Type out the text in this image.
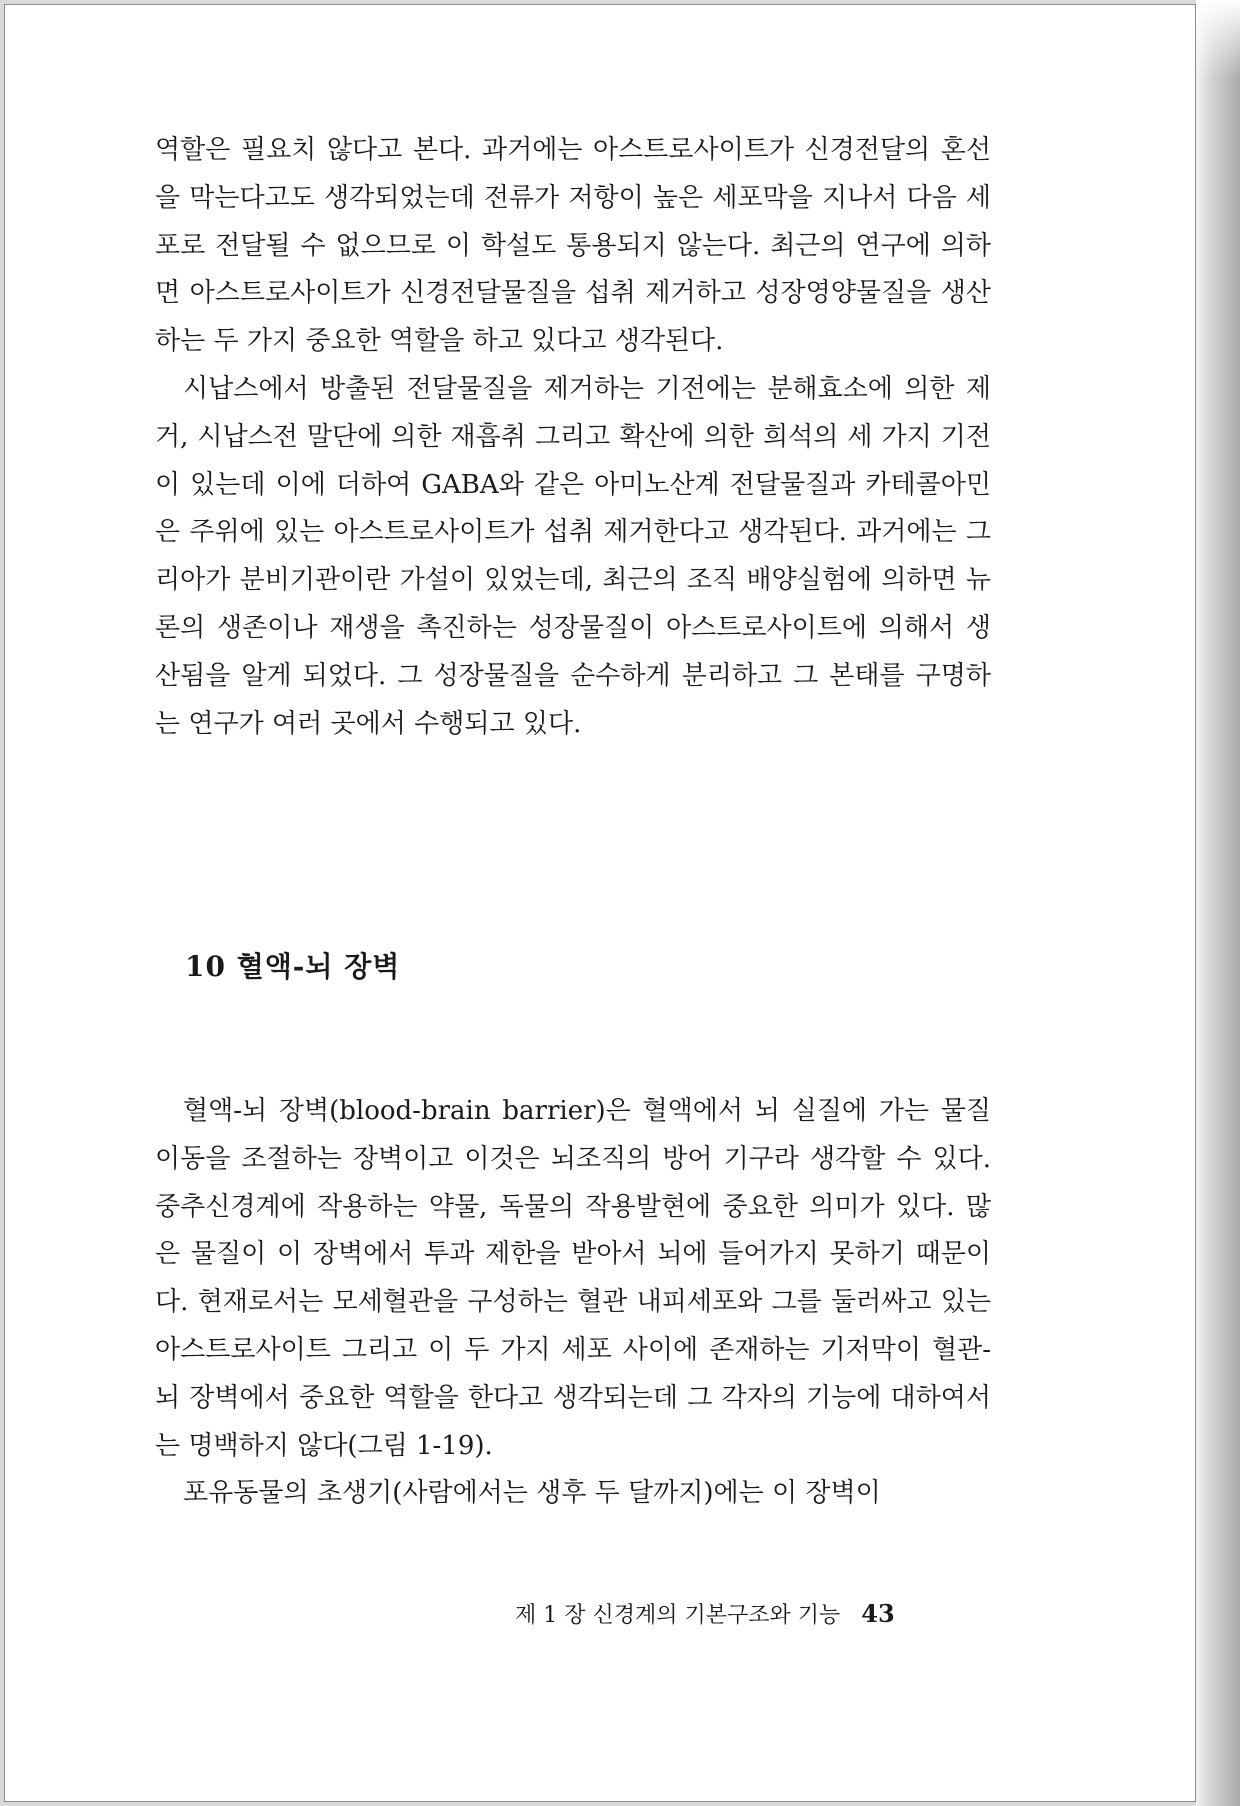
역할은 필요치 않다고 본다. 과거에는 아스트로사이트가 신경전달의 혼선을 막는다고도 생각되었는데 전류가 저항이 높은 세포막을 지나서 다음 세포로 전달될 수 없으므로 이 학설도 통용되지 않는다. 최근의 연구에 의하면 아스트로사이트가 신경전달물질을 섭취 제거하고 성장영양물질을 생산하는 두 가지 중요한 역할을 하고 있다고 생각된다.

시납스에서 방출된 전달물질을 제거하는 기전에는 분해효소에 의한 제거, 시납스전 말단에 의한 재흡취 그리고 확산에 의한 희석의 세 가지 기전이 있는데 이에 더하여 GABA와 같은 아미노산계 전달물질과 카테콜아민은 주위에 있는 아스트로사이트가 섭취 제거한다고 생각된다. 과거에는 그리아가 분비기관이란 가설이 있었는데, 최근의 조직 배양실험에 의하면 뉴론의 생존이나 재생을 촉진하는 성장물질이 아스트로사이트에 의해서 생산됨을 알게 되었다. 그 성장물질을 순수하게 분리하고 그 본태를 구명하는 연구가 여러 곳에서 수행되고 있다.

10 혈액-뇌 장벽

혈액-뇌 장벽(blood-brain barrier)은 혈액에서 뇌 실질에 가는 물질이동을 조절하는 장벽이고 이것은 뇌조직의 방어 기구라 생각할 수 있다. 중추신경계에 작용하는 약물, 독물의 작용발현에 중요한 의미가 있다. 많은 물질이 이 장벽에서 투과 제한을 받아서 뇌에 들어가지 못하기 때문이다. 현재로서는 모세혈관을 구성하는 혈관 내피세포와 그를 둘러싸고 있는 아스트로사이트 그리고 이 두 가지 세포 사이에 존재하는 기저막이 혈관-뇌 장벽에서 중요한 역할을 한다고 생각되는데 그 각자의 기능에 대하여서는 명백하지 않다(그림 1-19).

포유동물의 초생기(사람에서는 생후 두 달까지)에는 이 장벽이

제 1 장 신경계의 기본구조와 기능 43
